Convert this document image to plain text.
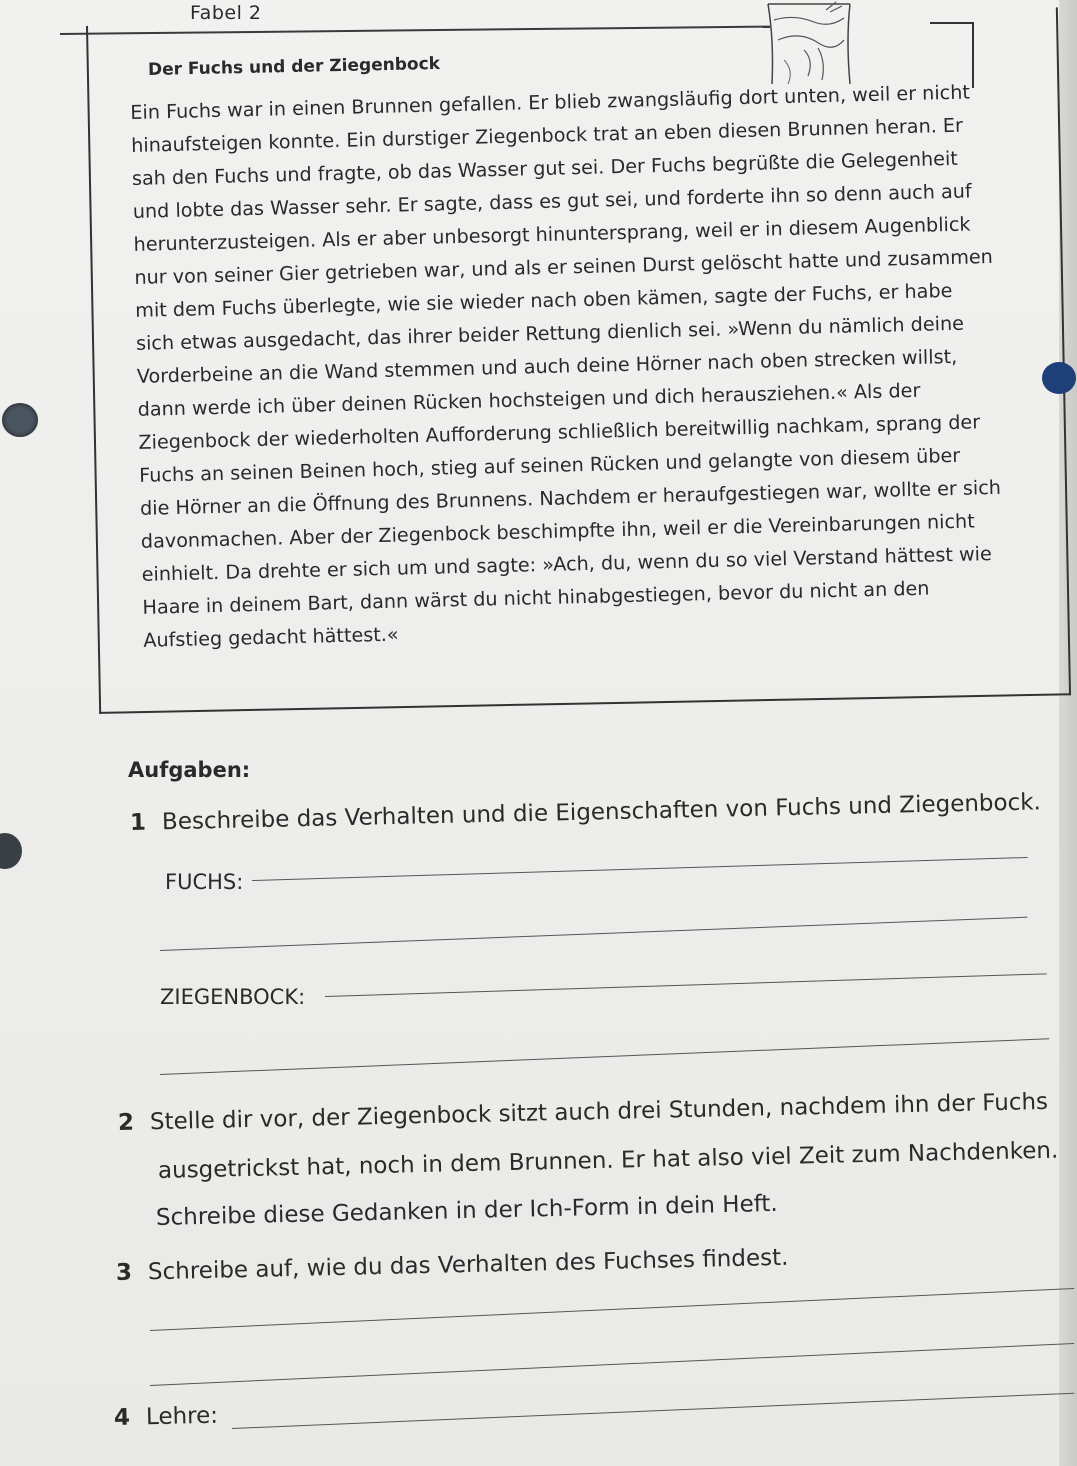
Fabel 2
Der Fuchs und der Ziegenbock
Ein Fuchs war in einen Brunnen gefallen. Er blieb zwangsläufig dort unten, weil er nicht
hinaufsteigen konnte. Ein durstiger Ziegenbock trat an eben diesen Brunnen heran. Er
sah den Fuchs und fragte, ob das Wasser gut sei. Der Fuchs begrüßte die Gelegenheit
und lobte das Wasser sehr. Er sagte, dass es gut sei, und forderte ihn so denn auch auf
herunterzusteigen. Als er aber unbesorgt hinuntersprang, weil er in diesem Augenblick
nur von seiner Gier getrieben war, und als er seinen Durst gelöscht hatte und zusammen
mit dem Fuchs überlegte, wie sie wieder nach oben kämen, sagte der Fuchs, er habe
sich etwas ausgedacht, das ihrer beider Rettung dienlich sei. »Wenn du nämlich deine
Vorderbeine an die Wand stemmen und auch deine Hörner nach oben strecken willst,
dann werde ich über deinen Rücken hochsteigen und dich herausziehen.« Als der
Ziegenbock der wiederholten Aufforderung schließlich bereitwillig nachkam, sprang der
Fuchs an seinen Beinen hoch, stieg auf seinen Rücken und gelangte von diesem über
die Hörner an die Öffnung des Brunnens. Nachdem er heraufgestiegen war, wollte er sich
davonmachen. Aber der Ziegenbock beschimpfte ihn, weil er die Vereinbarungen nicht
einhielt. Da drehte er sich um und sagte: »Ach, du, wenn du so viel Verstand hättest wie
Haare in deinem Bart, dann wärst du nicht hinabgestiegen, bevor du nicht an den
Aufstieg gedacht hättest.«
Aufgaben:
1 Beschreibe das Verhalten und die Eigenschaften von Fuchs und Ziegenbock.
FUCHS:
ZIEGENBOCK:
2 Stelle dir vor, der Ziegenbock sitzt auch drei Stunden, nachdem ihn der Fuchs
ausgetrickst hat, noch in dem Brunnen. Er hat also viel Zeit zum Nachdenken.
Schreibe diese Gedanken in der Ich-Form in dein Heft.
3 Schreibe auf, wie du das Verhalten des Fuchses findest.
4 Lehre:
